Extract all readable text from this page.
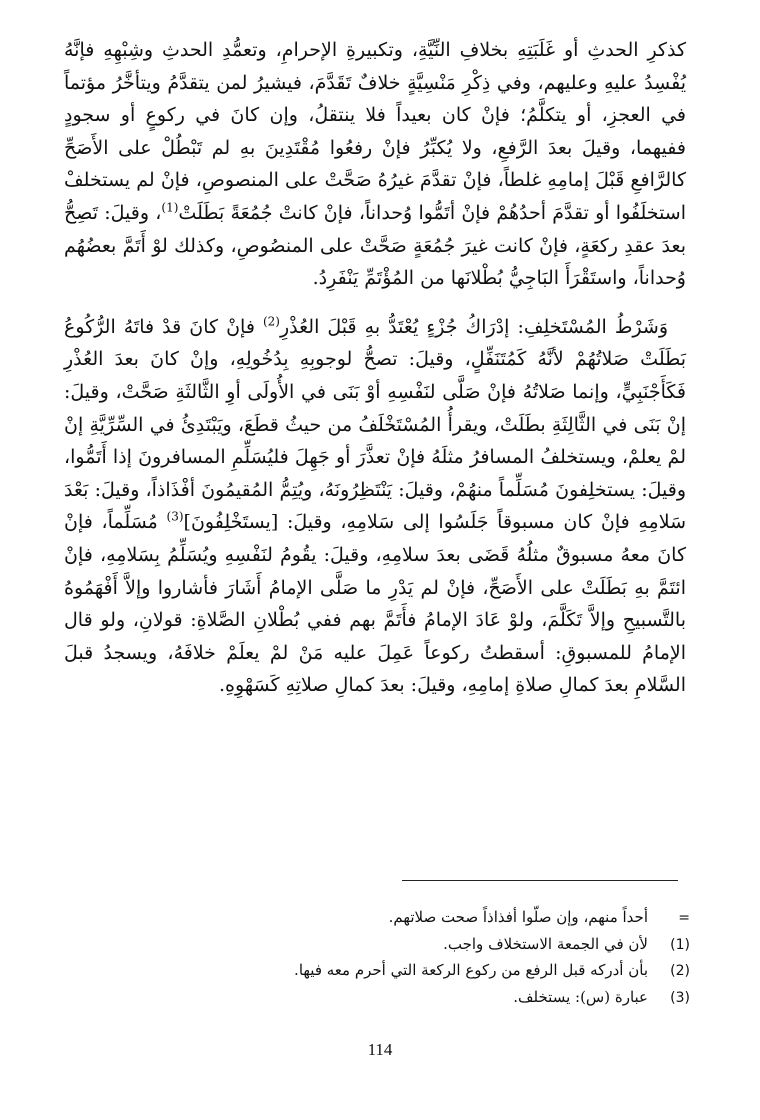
كذكرِ الحدثِ أو غَلَبَتِهِ بخلافِ النِّيَّةِ، وتكبيرةِ الإحرامِ، وتعمُّدِ الحدثِ وشِبْهِهِ فإنَّهُ يُفْسِدُ عليهِ وعليهم، وفي ذِكْرِ مَنْسِيَّةٍ خلافٌ تَقَدَّمَ، فيشيرُ لمن يتقدَّمُ ويتأخَّرُ مؤتماً في العجزِ، أو يتكلَّمُ؛ فإنْ كان بعيداً فلا ينتقلُ، وإن كانَ في ركوعٍ أو سجودٍ ففيهما، وقيلَ بعدَ الرَّفعِ، ولا يُكبِّرُ فإنْ رفعُوا مُقْتَدِينَ بهِ لم تَبْطُلْ على الأَصَحِّ كالرَّافعِ قَبْلَ إمامِهِ غلطاً، فإنْ تقدَّمَ غيرُهُ صَحَّتْ على المنصوصِ، فإنْ لم يستخلفْ استخلَفُوا أو تقدَّمَ أحدُهُمْ فإنْ أتَمُّوا وُحداناً، فإنْ كانتْ جُمُعَةً بَطَلَتْ$^{(1)}$، وقيلَ: تَصِحُّ بعدَ عقدِ ركعَةٍ، فإنْ كانت غيرَ جُمُعَةٍ صَحَّتْ على المنصُوصِ، وكذلك لوْ أَتَمَّ بعضُهُم وُحداناً، واستَقْرَأَ البَاجِيُّ بُطْلانَها من المُؤْتَمِّ يَنْفَرِدُ.

وَشَرْطُ المُسْتَخلِفِ: إدْرَاكُ جُزْءٍ يُعْتَدُّ بهِ قَبْلَ العُذْرِ$^{(2)}$ فإنْ كانَ قدْ فاتَهُ الرُّكُوعُ بَطَلَتْ صَلاتُهُمْ لأنَّهُ كَمُتَنَفِّلٍ، وقيلَ: تصحُّ لوجوبِهِ بِدُخُولِهِ، وإنْ كانَ بعدَ العُذْرِ فَكَأَجْنَبِيٍّ، وإنما صَلاتُهُ فإنْ صَلَّى لنَفْسِهِ أوْ بَنَى في الأُولَى أوِ الثَّالثَةِ صَحَّتْ، وقيلَ: إنْ بَنَى في الثَّالِثَةِ بطَلَتْ، ويقرأُ المُسْتَخْلَفُ من حيثُ قطَعَ، ويَبْتَدِئُ في السِّرِّيَّةِ إنْ لمْ يعلمْ، ويستخلفُ المسافرُ مثلَهُ فإنْ تعذَّرَ أو جَهِلَ فليُسَلِّمِ المسافرونَ إذا أَتَمُّوا، وقيلَ: يستخلِفونَ مُسَلِّماً منهُمْ، وقيلَ: يَنْتَظِرُونَهُ، ويُتِمُّ المُقيمُونَ أفْذَاذاً، وقيلَ: بَعْدَ سَلامِهِ فإنْ كان مسبوقاً جَلَسُوا إلى سَلامِهِ، وقيلَ: [يستَخْلِفُونَ]$^{(3)}$ مُسَلِّماً، فإنْ كانَ معهُ مسبوقٌ مثلُهُ قَضَى بعدَ سلامِهِ، وقيلَ: يقُومُ لنَفْسِهِ ويُسَلِّمُ بِسَلامِهِ، فإنْ ائتَمَّ بهِ بَطَلَتْ على الأَصَحِّ، فإنْ لم يَدْرِ ما صَلَّى الإمامُ أَشَارَ فأشاروا وإلاَّ أَفْهَمُوهُ بالتَّسبيحِ وإلاَّ تَكَلَّمَ، ولوْ عَادَ الإمامُ فأَتَمَّ بهم ففي بُطْلانِ الصَّلاةِ: قولانِ، ولو قال الإمامُ للمسبوقِ: أسقطتُ ركوعاً عَمِلَ عليه مَنْ لمْ يعلَمْ خلافَهُ، ويسجدُ قبلَ السَّلامِ بعدَ كمالِ صلاةِ إمامِهِ، وقيلَ: بعدَ كمالِ صلاتِهِ كَسَهْوِهِ.

=
أحداً منهم، وإن صلّوا أفذاذاً صحت صلاتهم.
(1)
لأن في الجمعة الاستخلاف واجب.
(2)
بأن أدركه قبل الرفع من ركوع الركعة التي أحرم معه فيها.
(3)
عبارة (س): يستخلف.
114
